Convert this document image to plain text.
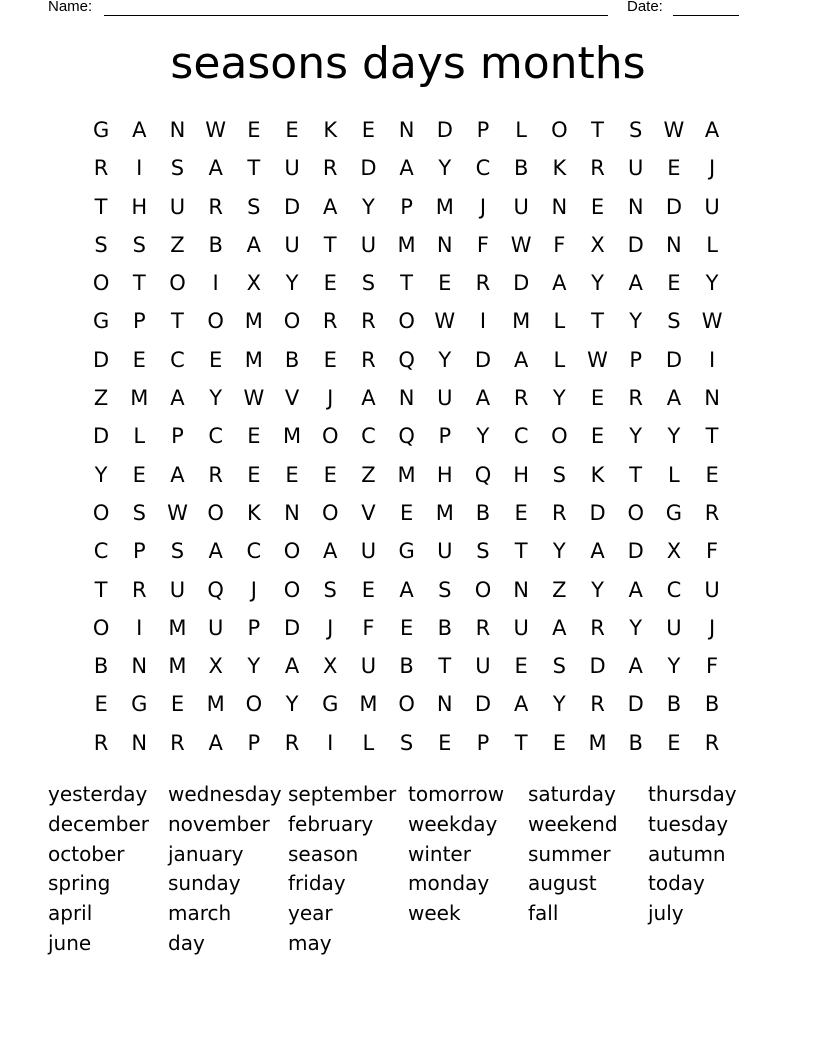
Name:	Date:
seasons days months
G	A	N W	E	E	K	E	N	D	P	L	O	T	S	W A
R	I	S	A	T	U	R	D	A	Y	C	B	K	R	U	E	J
T	H	U	R	S	D	A	Y	P	M	J	U	N	E	N	D	U
S	S	Z	B	A	U	T	U	M	N	F	W	F	X	D	N	L
O	T	O	I	X	Y	E	S	T	E	R	D	A	Y	A	E	Y
G	P	T	O M O	R	R	O W	I	M	L	T	Y	S	W
D	E	C	E	M	B	E	R	Q	Y	D	A	L	W	P	D	I
Z	M	A	Y	W V	J	A	N	U	A	R	Y	E	R	A	N
D	L	P	C	E	M O	C	Q	P	Y	C	O	E	Y	Y	T
Y	E	A	R	E	E	E	Z	M	H	Q	H	S	K	T	L	E
O	S	W O	K	N	O	V	E	M	B	E	R	D	O	G	R
C	P	S	A	C	O	A	U	G	U	S	T	Y	A	D	X	F
T	R	U	Q	J	O	S	E	A	S	O	N	Z	Y	A	C	U
O	I	M	U	P	D	J	F	E	B	R	U	A	R	Y	U	J
B	N	M	X	Y	A	X	U	B	T	U	E	S	D	A	Y	F
E	G	E	M O	Y	G M O	N	D	A	Y	R	D	B	B
R	N	R	A	P	R	I	L	S	E	P	T	E	M	B	E	R
yesterday	wednesday september tomorrow	saturday	thursday
december november february	weekday	weekend	tuesday
october	january	season	winter	summer	autumn
spring	sunday	friday	monday	august	today
april	march	year	week	fall	july
june	day	may
